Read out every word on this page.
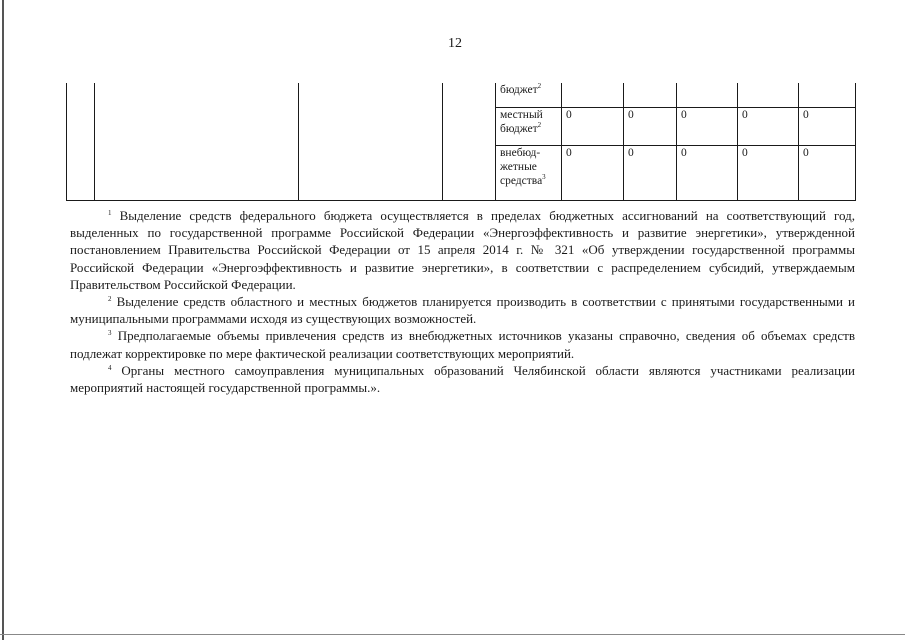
12
				бюджет$^2$					
				местный бюджет$^2$	0	0	0	0	0
				внебюд-жетные средства$^3$	0	0	0	0	0

$^1$ Выделение средств федерального бюджета осуществляется в пределах бюджетных ассигнований на соответствующий год, выделенных по государственной программе Российской Федерации «Энергоэффективность и развитие энергетики», утвержденной постановлением Правительства Российской Федерации от 15 апреля 2014 г. № 321 «Об утверждении государственной программы Российской Федерации «Энергоэффективность и развитие энергетики», в соответствии с распределением субсидий, утверждаемым Правительством Российской Федерации.

$^2$ Выделение средств областного и местных бюджетов планируется производить в соответствии с принятыми государственными и муниципальными программами исходя из существующих возможностей.

$^3$ Предполагаемые объемы привлечения средств из внебюджетных источников указаны справочно, сведения об объемах средств подлежат корректировке по мере фактической реализации соответствующих мероприятий.

$^4$ Органы местного самоуправления муниципальных образований Челябинской области являются участниками реализации мероприятий настоящей государственной программы.».
